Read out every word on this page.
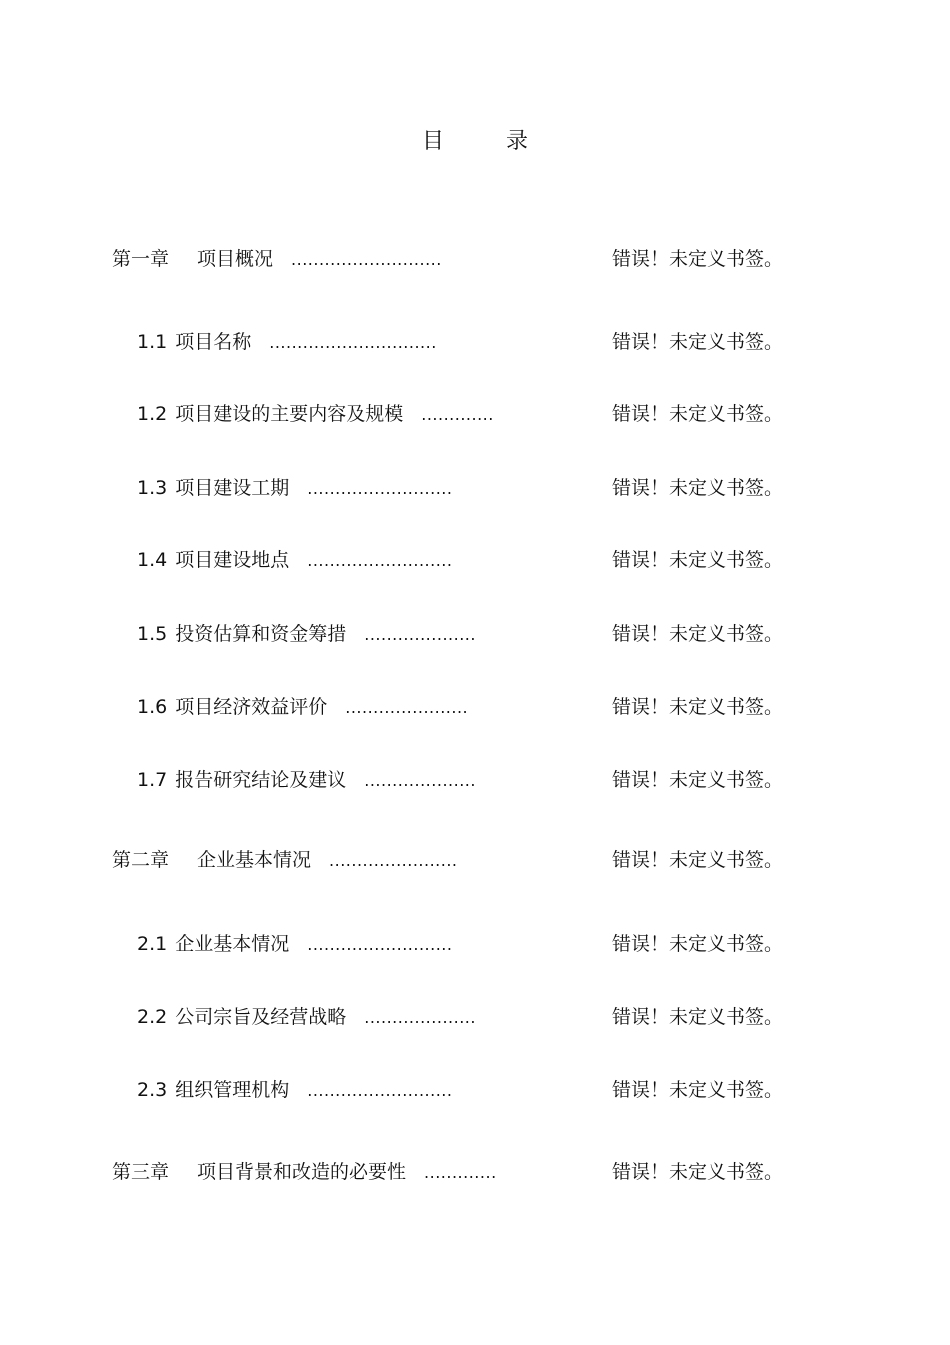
目录
第一章 项目概况 ...........................	错误！未定义书签。
1.1 项目名称 ..............................	错误！未定义书签。
1.2 项目建设的主要内容及规模 .............	错误！未定义书签。
1.3 项目建设工期 ..........................	错误！未定义书签。
1.4 项目建设地点 ..........................	错误！未定义书签。
1.5 投资估算和资金筹措 ....................	错误！未定义书签。
1.6 项目经济效益评价 ......................	错误！未定义书签。
1.7 报告研究结论及建议 ....................	错误！未定义书签。
第二章 企业基本情况 .......................	错误！未定义书签。
2.1 企业基本情况 ..........................	错误！未定义书签。
2.2 公司宗旨及经营战略 ....................	错误！未定义书签。
2.3 组织管理机构 ..........................	错误！未定义书签。
第三章 项目背景和改造的必要性 .............	错误！未定义书签。
